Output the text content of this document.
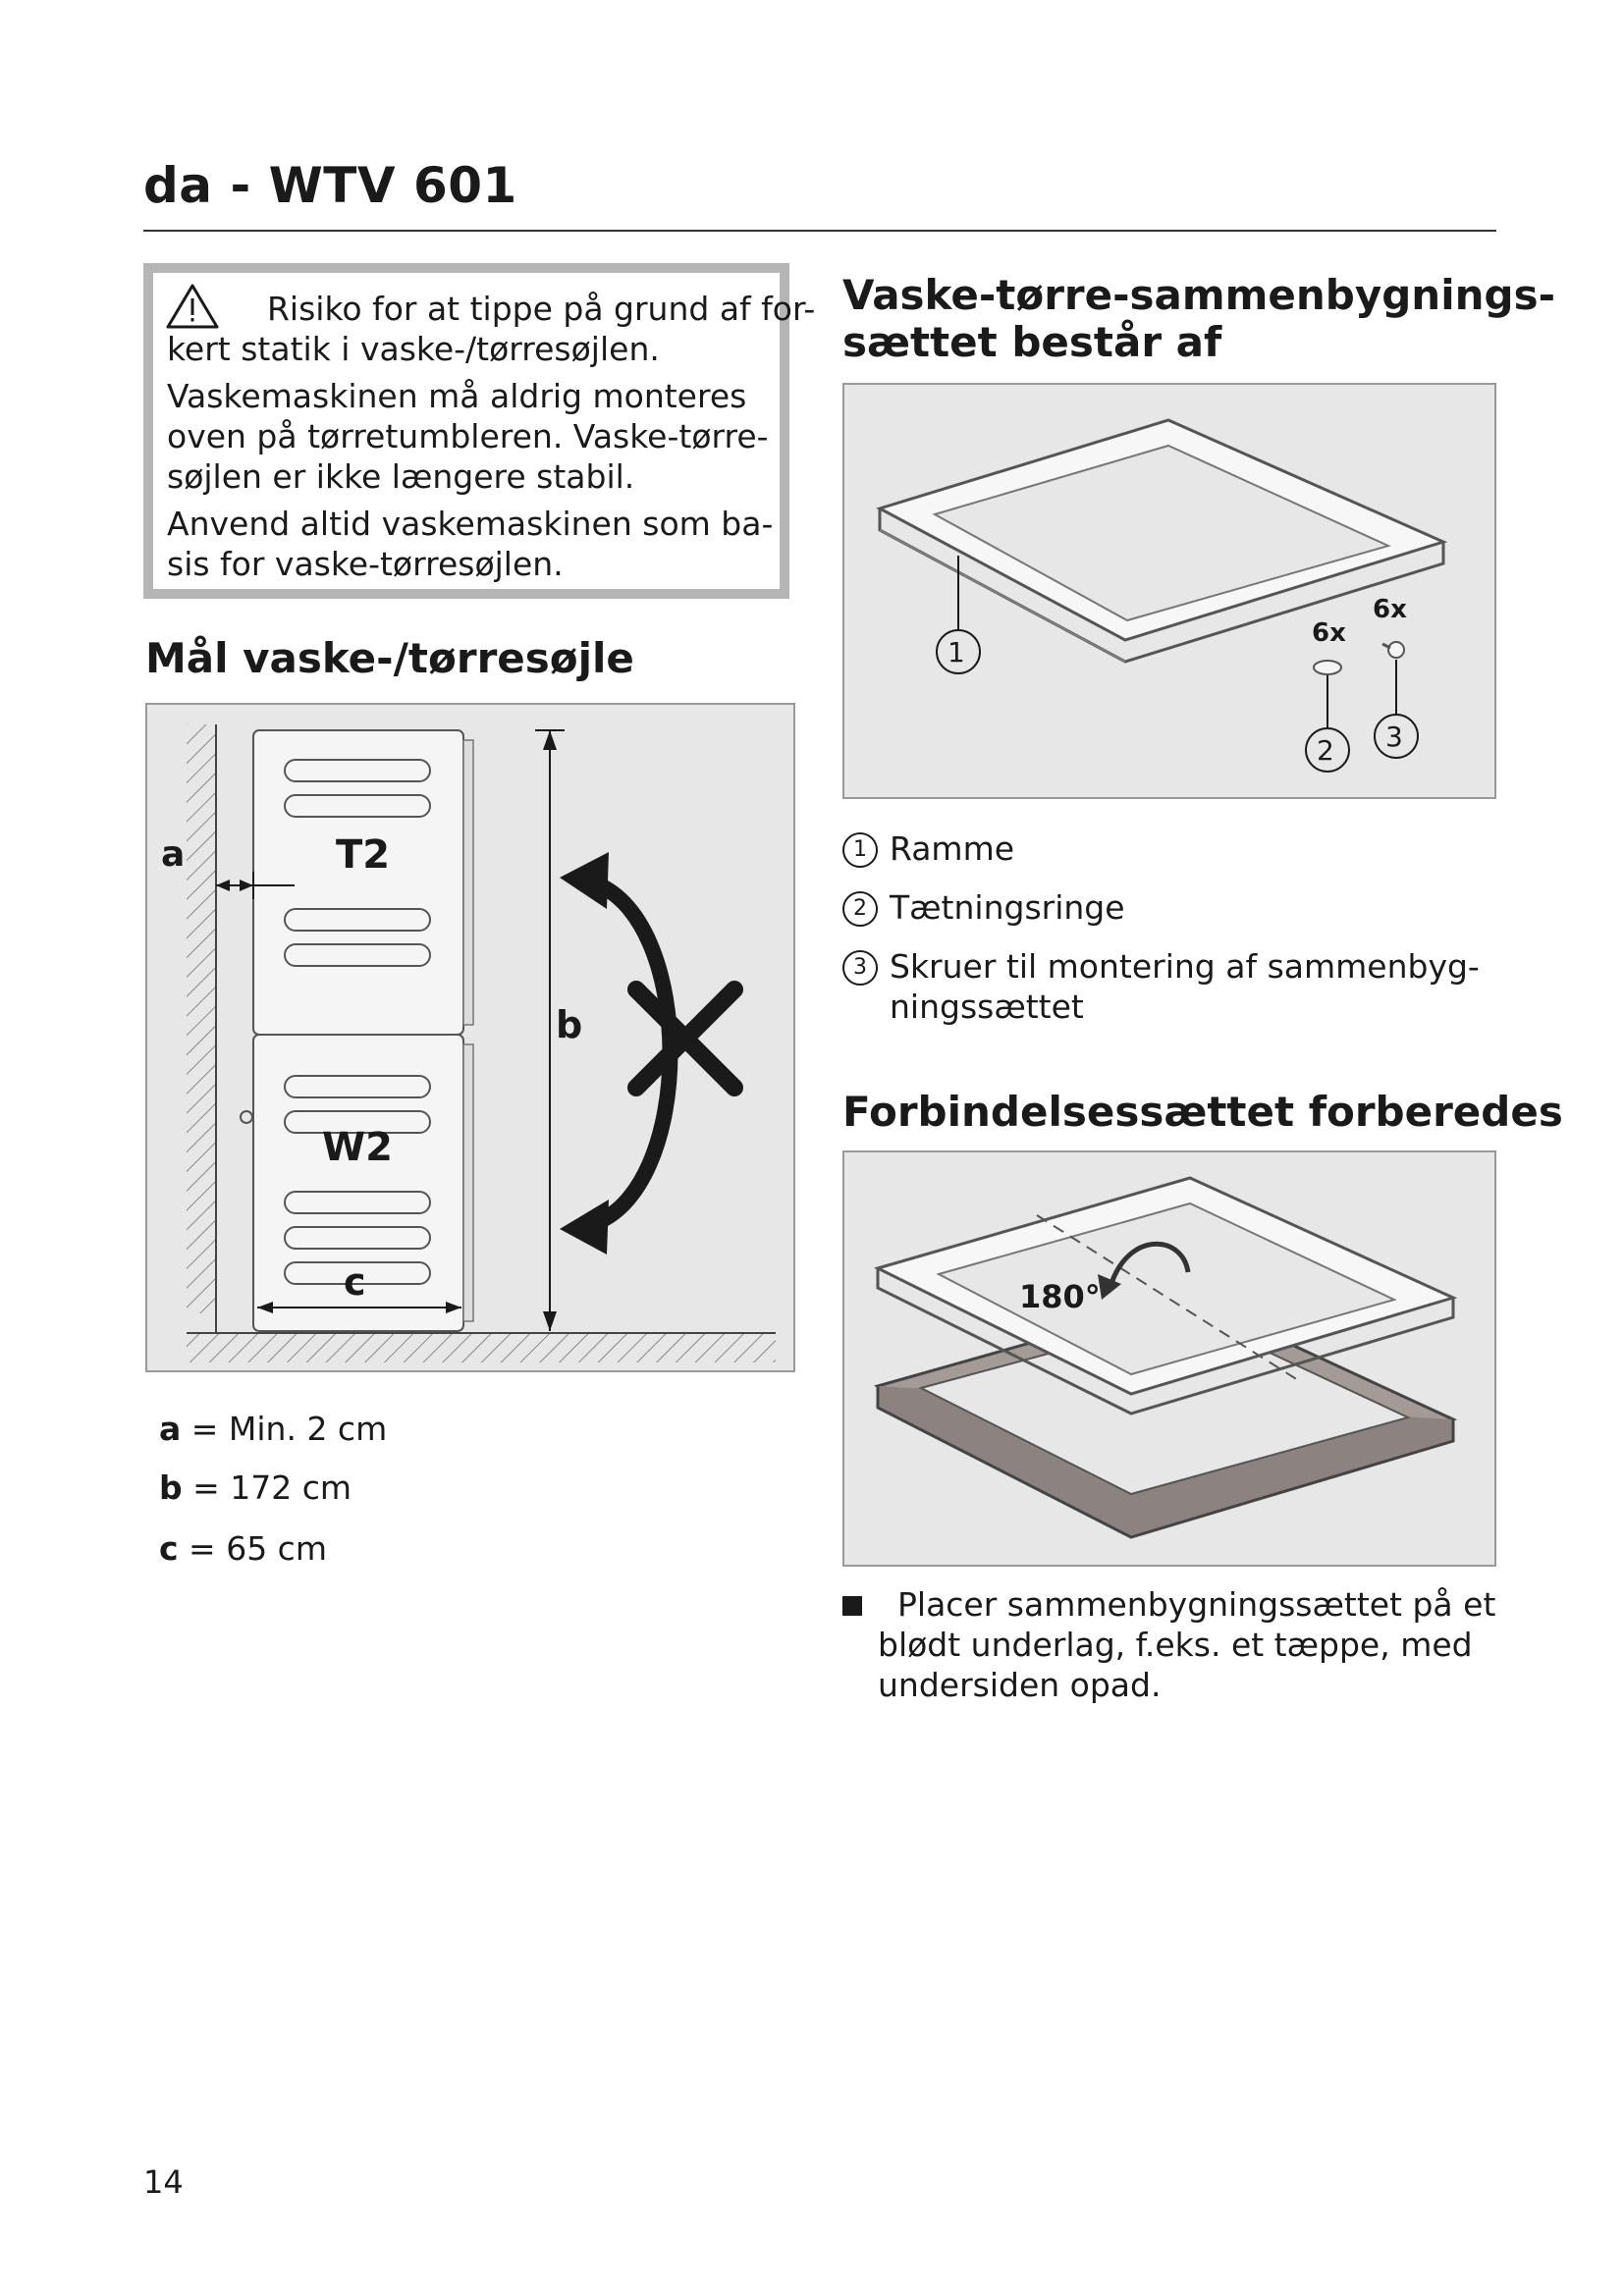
da - WTV 601
Risiko for at tippe på grund af for-
kert statik i vaske-/tørresøjlen.
Vaskemaskinen må aldrig monteres
oven på tørretumbleren. Vaske-tørre-
søjlen er ikke længere stabil.
Anvend altid vaskemaskinen som ba-
sis for vaske-tørresøjlen.
Mål vaske-/tørresøjle
a	T2
b
W2
c
a = Min. 2 cm
b = 172 cm
c = 65 cm
Vaske-tørre-sammenbygnings-
sættet består af
1
2 3
6x
6x
1 Ramme
2 Tætningsringe
3 Skruer til montering af sammenbyg-
ningssættet
Forbindelsessættet forberedes
180°
Placer sammenbygningssættet på et
blødt underlag, f.eks. et tæppe, med
undersiden opad.
14
